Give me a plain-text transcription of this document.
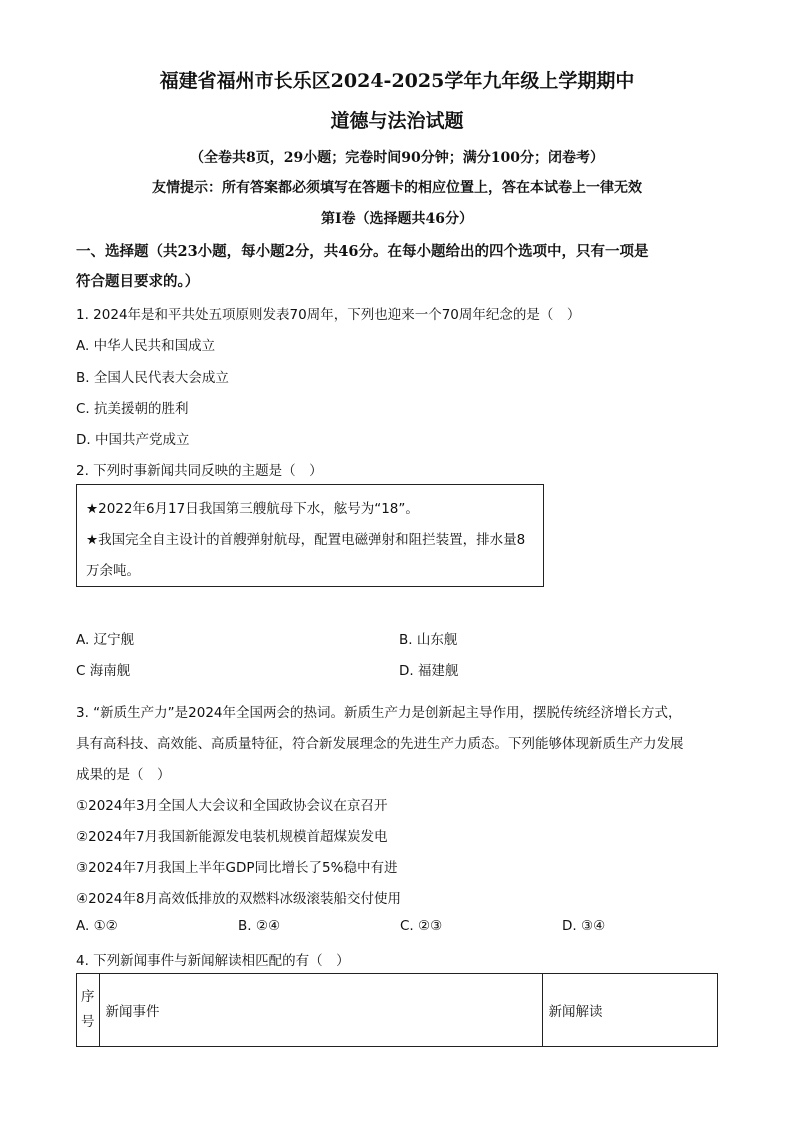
福建省福州市长乐区2024-2025学年九年级上学期期中
道德与法治试题
（全卷共8页，29小题；完卷时间90分钟；满分100分；闭卷考）
友情提示：所有答案都必须填写在答题卡的相应位置上，答在本试卷上一律无效
第Ⅰ卷（选择题共46分）
一、选择题（共23小题，每小题2分，共46分。在每小题给出的四个选项中，只有一项是
符合题目要求的。）
1. 2024年是和平共处五项原则发表70周年，下列也迎来一个70周年纪念的是（　）
A. 中华人民共和国成立
B. 全国人民代表大会成立
C. 抗美援朝的胜利
D. 中国共产党成立
2. 下列时事新闻共同反映的主题是（　）
★2022年6月17日我国第三艘航母下水，舷号为“18”。
★我国完全自主设计的首艘弹射航母，配置电磁弹射和阻拦装置，排水量8
万余吨。
A. 辽宁舰	B. 山东舰
C 海南舰	D. 福建舰
3. “新质生产力”是2024年全国两会的热词。新质生产力是创新起主导作用，摆脱传统经济增长方式，
具有高科技、高效能、高质量特征，符合新发展理念的先进生产力质态。下列能够体现新质生产力发展
成果的是（　）
①2024年3月全国人大会议和全国政协会议在京召开
②2024年7月我国新能源发电装机规模首超煤炭发电
③2024年7月我国上半年GDP同比增长了5%稳中有进
④2024年8月高效低排放的双燃料冰级滚装船交付使用
A. ①②	B. ②④	C. ②③	D. ③④
4. 下列新闻事件与新闻解读相匹配的有（　）
序
号	新闻事件	新闻解读
